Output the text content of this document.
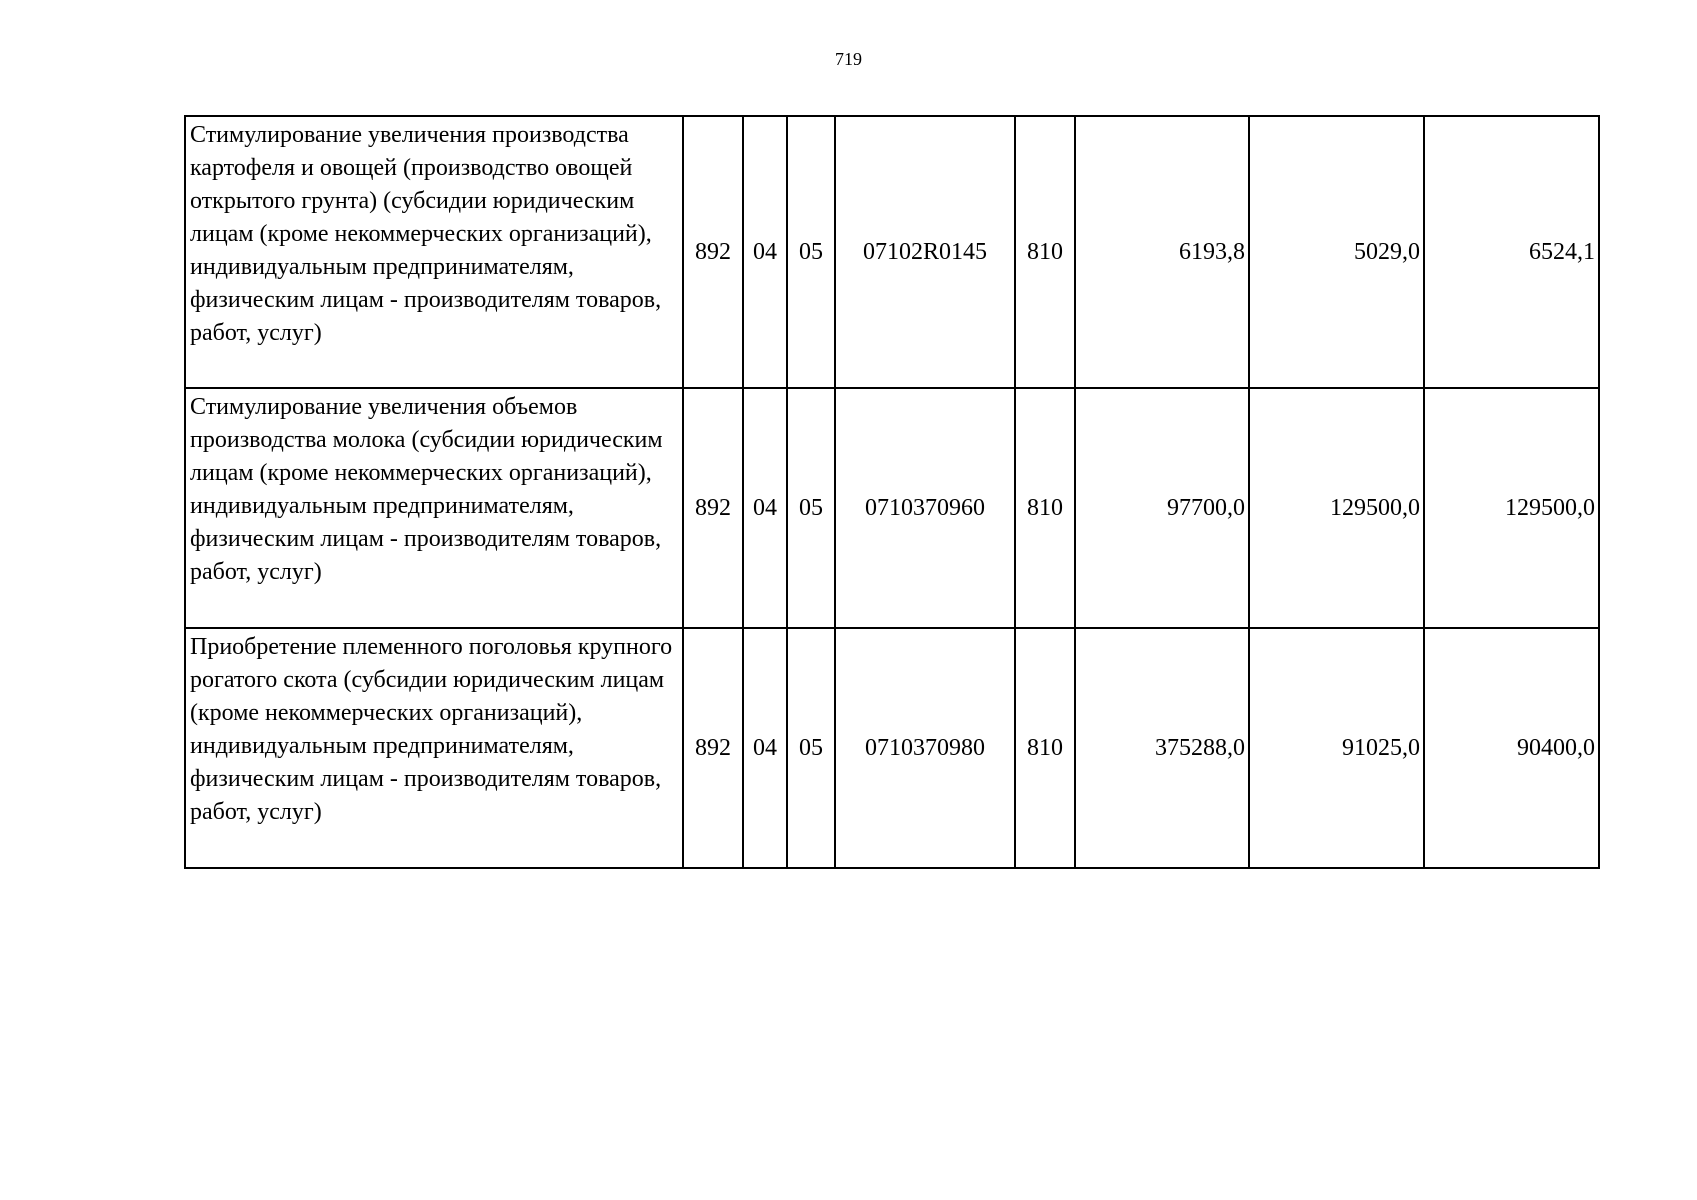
719
Стимулирование увеличения производства картофеля и овощей (производство овощей открытого грунта) (субсидии юридическим лицам (кроме некоммерческих организаций), индивидуальным предпринимателям, физическим лицам - производителям товаров, работ, услуг)	892	04	05	07102R0145	810	6193,8	5029,0	6524,1
Стимулирование увеличения объемов производства молока (субсидии юридическим лицам (кроме некоммерческих организаций), индивидуальным предпринимателям, физическим лицам - производителям товаров, работ, услуг)	892	04	05	0710370960	810	97700,0	129500,0	129500,0
Приобретение племенного поголовья крупного рогатого скота (субсидии юридическим лицам (кроме некоммерческих организаций), индивидуальным предпринимателям, физическим лицам - производителям товаров, работ, услуг)	892	04	05	0710370980	810	375288,0	91025,0	90400,0
